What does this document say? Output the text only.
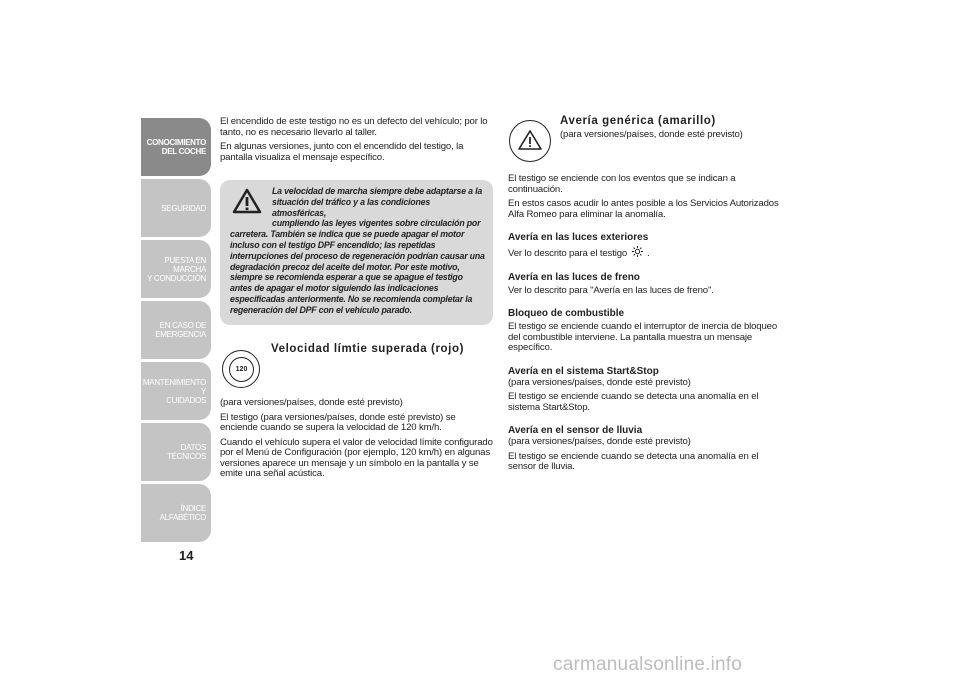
CONOCIMIENTO
DEL COCHE
SEGURIDAD
PUESTA EN MARCHA
Y CONDUCCIÓN
EN CASO DE
EMERGENCIA
MANTENIMIENTO Y
CUIDADOS
DATOS TÉCNICOS
ÍNDICE ALFABÉTICO
14

El encendido de este testigo no es un defecto del vehículo; por lo tanto, no es necesario llevarlo al taller.

En algunas versiones, junto con el encendido del testigo, la pantalla visualiza el mensaje específico.

La velocidad de marcha siempre debe adaptarse a la
situación del tráfico y a las condiciones atmosféricas,
cumpliendo las leyes vigentes sobre circulación por
carretera. También se indica que se puede apagar el motor incluso con el testigo DPF encendido; las repetidas interrupciones del proceso de regeneración podrían causar una degradación precoz del aceite del motor. Por este motivo, siempre se recomienda esperar a que se apague el testigo antes de apagar el motor siguiendo las indicaciones especificadas anteriormente. No se recomienda completar la regeneración del DPF con el vehículo parado.
120
Velocidad límtie superada (rojo)

(para versiones/países, donde esté previsto)

El testigo (para versiones/países, donde esté previsto) se enciende cuando se supera la velocidad de 120 km/h.

Cuando el vehículo supera el valor de velocidad límite configurado por el Menú de Configuración (por ejemplo, 120 km/h) en algunas versiones aparece un mensaje y un símbolo en la pantalla y se emite una señal acústica.

Avería genérica (amarillo)
(para versiones/países, donde esté previsto)

El testigo se enciende con los eventos que se indican a continuación.

En estos casos acudir lo antes posible a los Servicios Autorizados Alfa Romeo para eliminar la anomalía.

Avería en las luces exteriores

Ver lo descrito para el testigo .

Avería en las luces de freno

Ver lo descrito para "Avería en las luces de freno".

Bloqueo de combustible

El testigo se enciende cuando el interruptor de inercia de bloqueo del combustible interviene. La pantalla muestra un mensaje específico.

Avería en el sistema Start&Stop

(para versiones/países, donde esté previsto)

El testigo se enciende cuando se detecta una anomalía en el sistema Start&Stop.

Avería en el sensor de lluvia

(para versiones/países, donde esté previsto)

El testigo se enciende cuando se detecta una anomalía en el sensor de lluvia.

carmanualsonline.info
